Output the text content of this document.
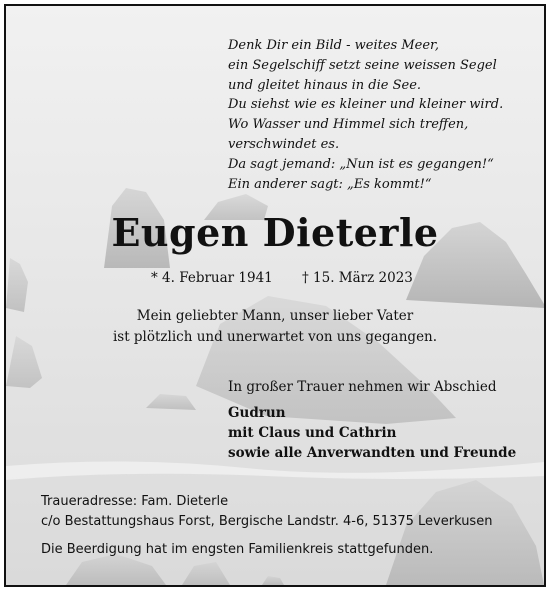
Denk Dir ein Bild - weites Meer,
ein Segelschiff setzt seine weissen Segel
und gleitet hinaus in die See.
Du siehst wie es kleiner und kleiner wird.
Wo Wasser und Himmel sich treffen,
verschwindet es.
Da sagt jemand: „Nun ist es gegangen!“
Ein anderer sagt: „Es kommt!“
Eugen Dieterle
* 4. Februar 1941 † 15. März 2023
Mein geliebter Mann, unser lieber Vater
ist plötzlich und unerwartet von uns gegangen.
In großer Trauer nehmen wir Abschied
Gudrun
mit Claus und Cathrin
sowie alle Anverwandten und Freunde
Traueradresse: Fam. Dieterle
c/o Bestattungshaus Forst, Bergische Landstr. 4-6, 51375 Leverkusen
Die Beerdigung hat im engsten Familienkreis stattgefunden.
